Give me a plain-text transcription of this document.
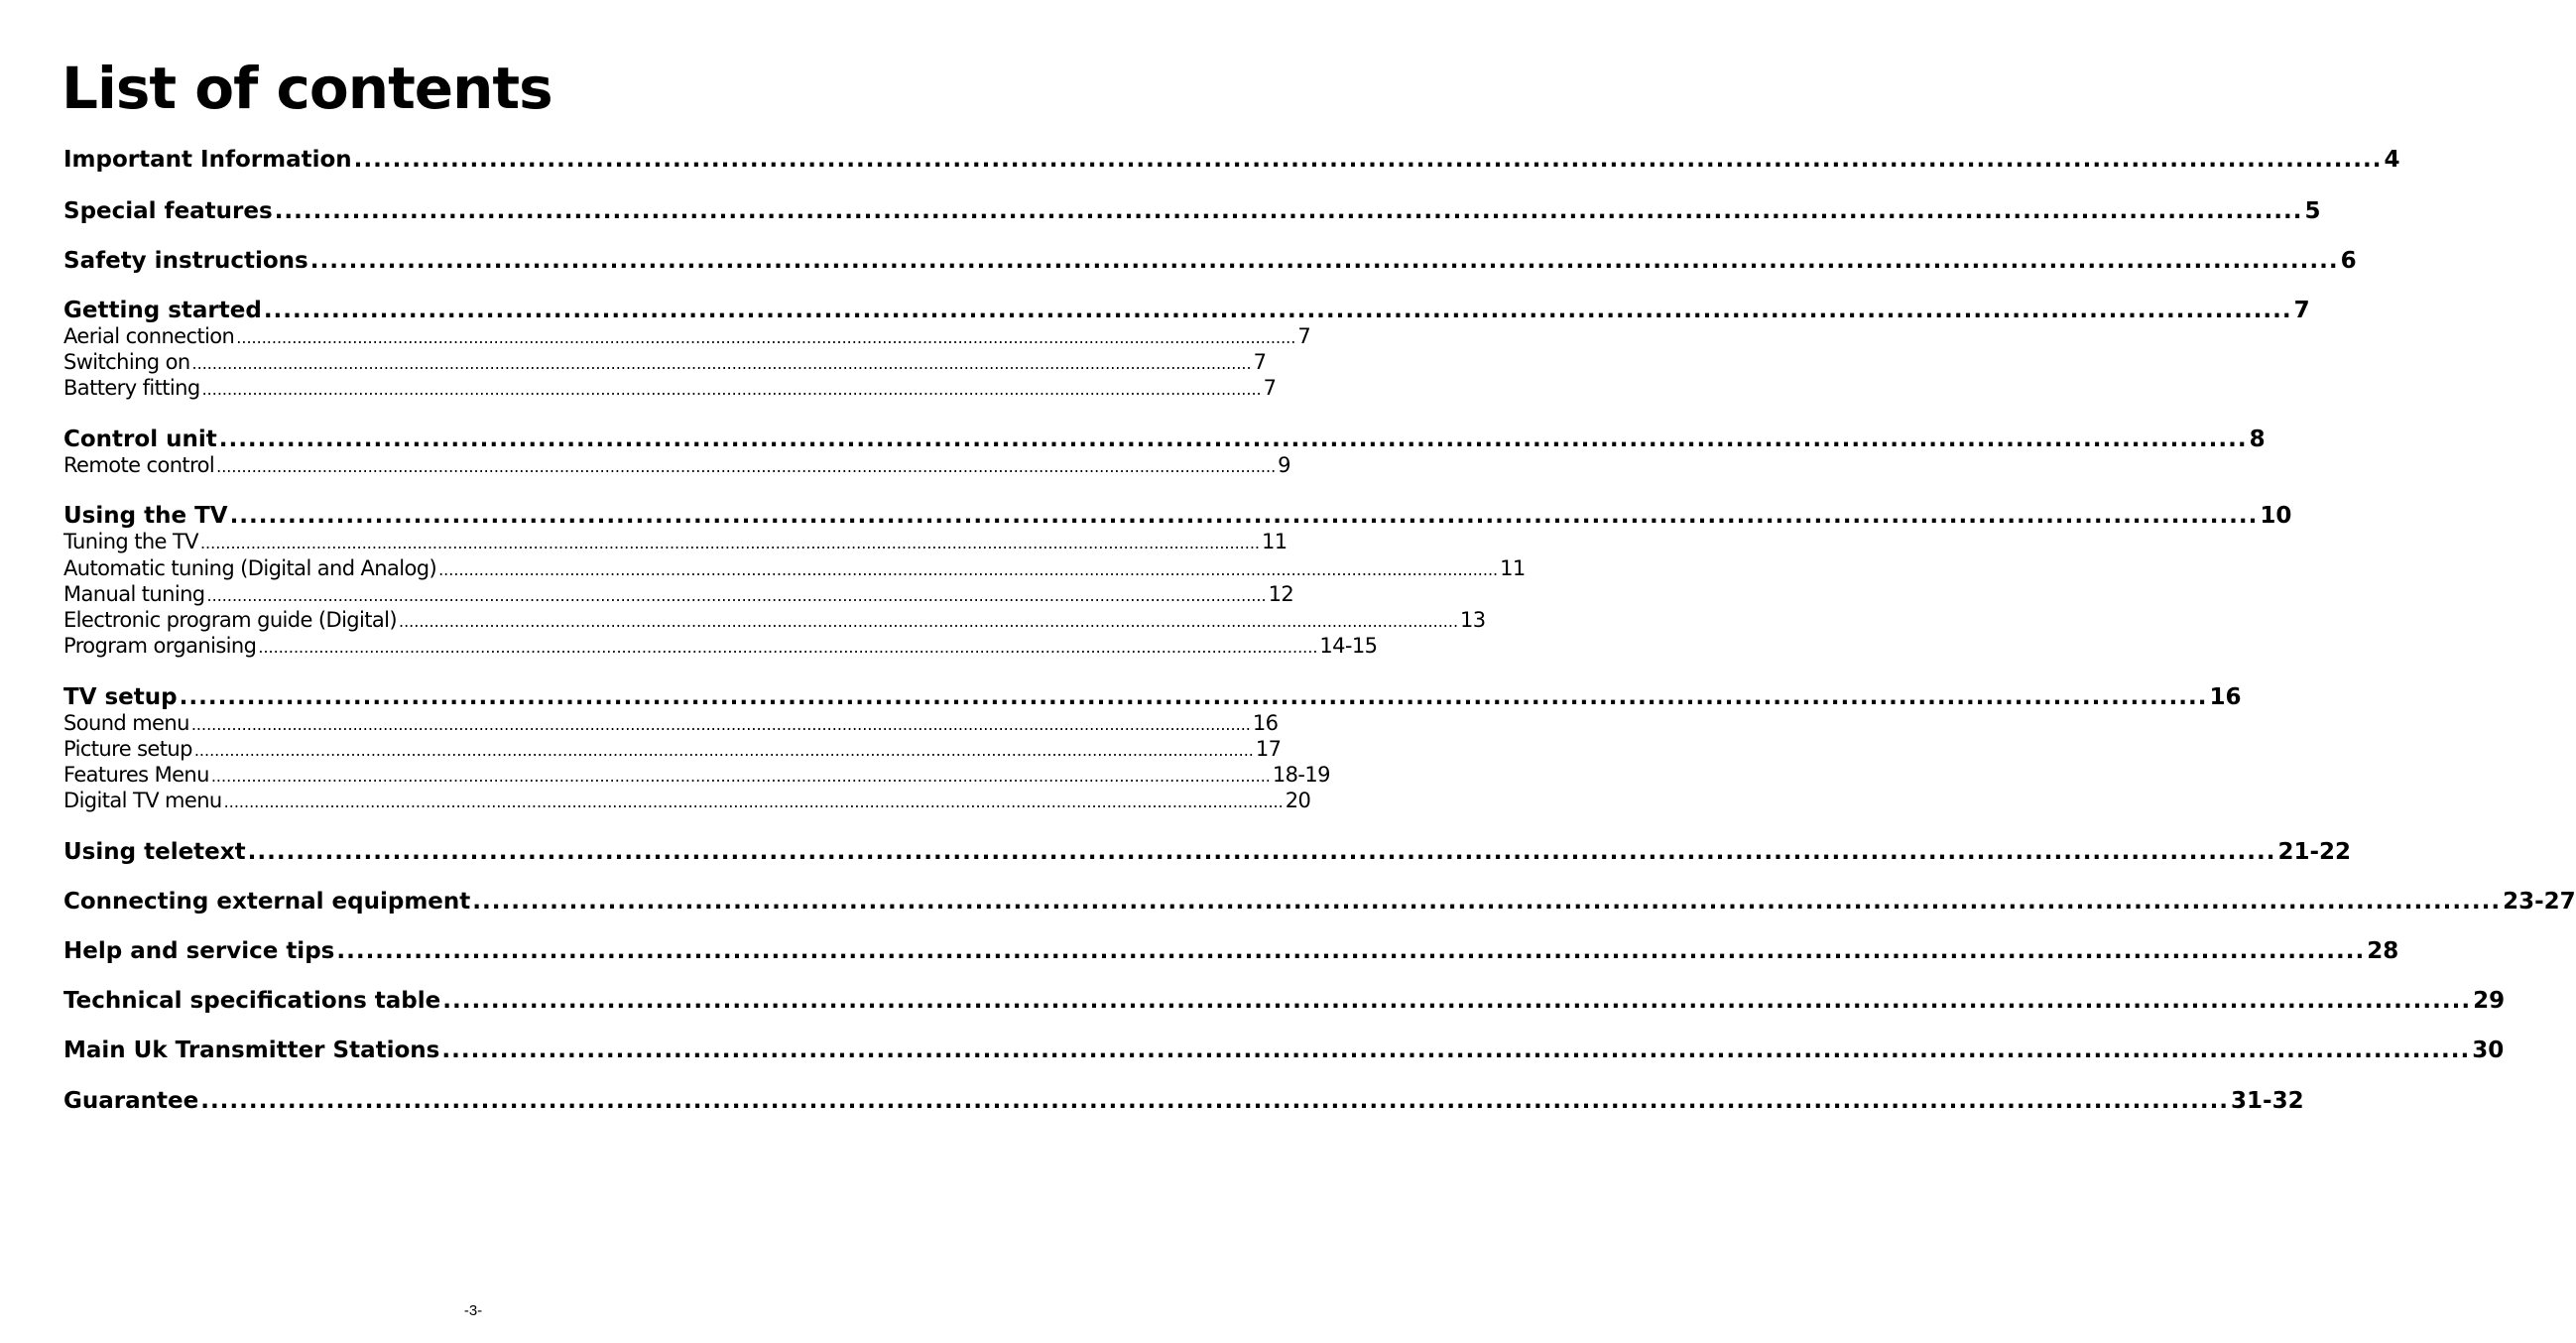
List of contents
Important Information .................................................................................................................................................................................................................. 4
Special features .................................................................................................................................................................................................................. 5
Safety instructions .................................................................................................................................................................................................................. 6
Getting started .................................................................................................................................................................................................................. 7
Aerial connection .................................................................................................................................................................................................................. 7
Switching on .................................................................................................................................................................................................................. 7
Battery fitting .................................................................................................................................................................................................................. 7
Control unit .................................................................................................................................................................................................................. 8
Remote control .................................................................................................................................................................................................................. 9
Using the TV .................................................................................................................................................................................................................. 10
Tuning the TV .................................................................................................................................................................................................................. 11
Automatic tuning (Digital and Analog) .................................................................................................................................................................................................................. 11
Manual tuning .................................................................................................................................................................................................................. 12
Electronic program guide (Digital) .................................................................................................................................................................................................................. 13
Program organising .................................................................................................................................................................................................................. 14-15
TV setup .................................................................................................................................................................................................................. 16
Sound menu .................................................................................................................................................................................................................. 16
Picture setup .................................................................................................................................................................................................................. 17
Features Menu .................................................................................................................................................................................................................. 18-19
Digital TV menu .................................................................................................................................................................................................................. 20
Using teletext .................................................................................................................................................................................................................. 21-22
Connecting external equipment .................................................................................................................................................................................................................. 23-27
Help and service tips .................................................................................................................................................................................................................. 28
Technical specifications table .................................................................................................................................................................................................................. 29
Main Uk Transmitter Stations .................................................................................................................................................................................................................. 30
Guarantee .................................................................................................................................................................................................................. 31-32
-3-
